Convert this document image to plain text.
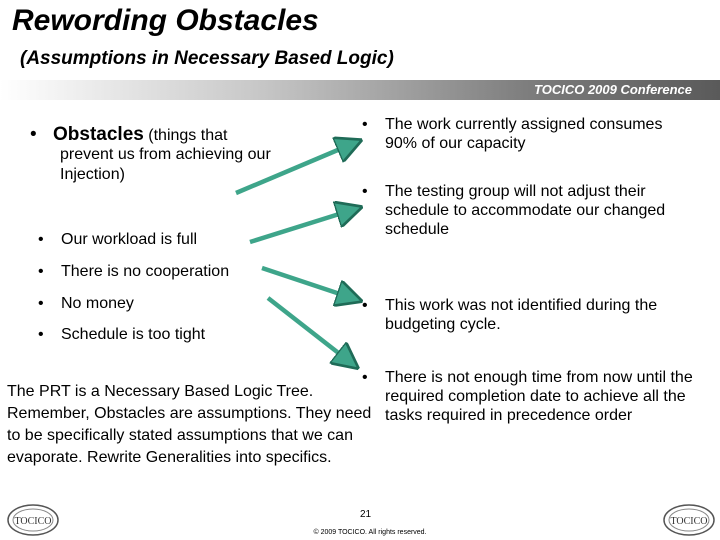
Rewording Obstacles
(Assumptions in Necessary Based Logic)
TOCICO 2009 Conference
• Obstacles (things that
prevent us from achieving our Injection)
• Our workload is full
• There is no cooperation
• No money
• Schedule is too tight
• The work currently assigned consumes 90% of our capacity
• The testing group will not adjust their schedule to accommodate our changed schedule
• This work was not identified during the budgeting cycle.
• There is not enough time from now until the required completion date to achieve all the tasks required in precedence order
The PRT is a Necessary Based Logic Tree. Remember, Obstacles are assumptions. They need to be specifically stated assumptions that we can evaporate. Rewrite Generalities into specifics.
21
© 2009 TOCICO. All rights reserved.
TOCICO	TOCICO
